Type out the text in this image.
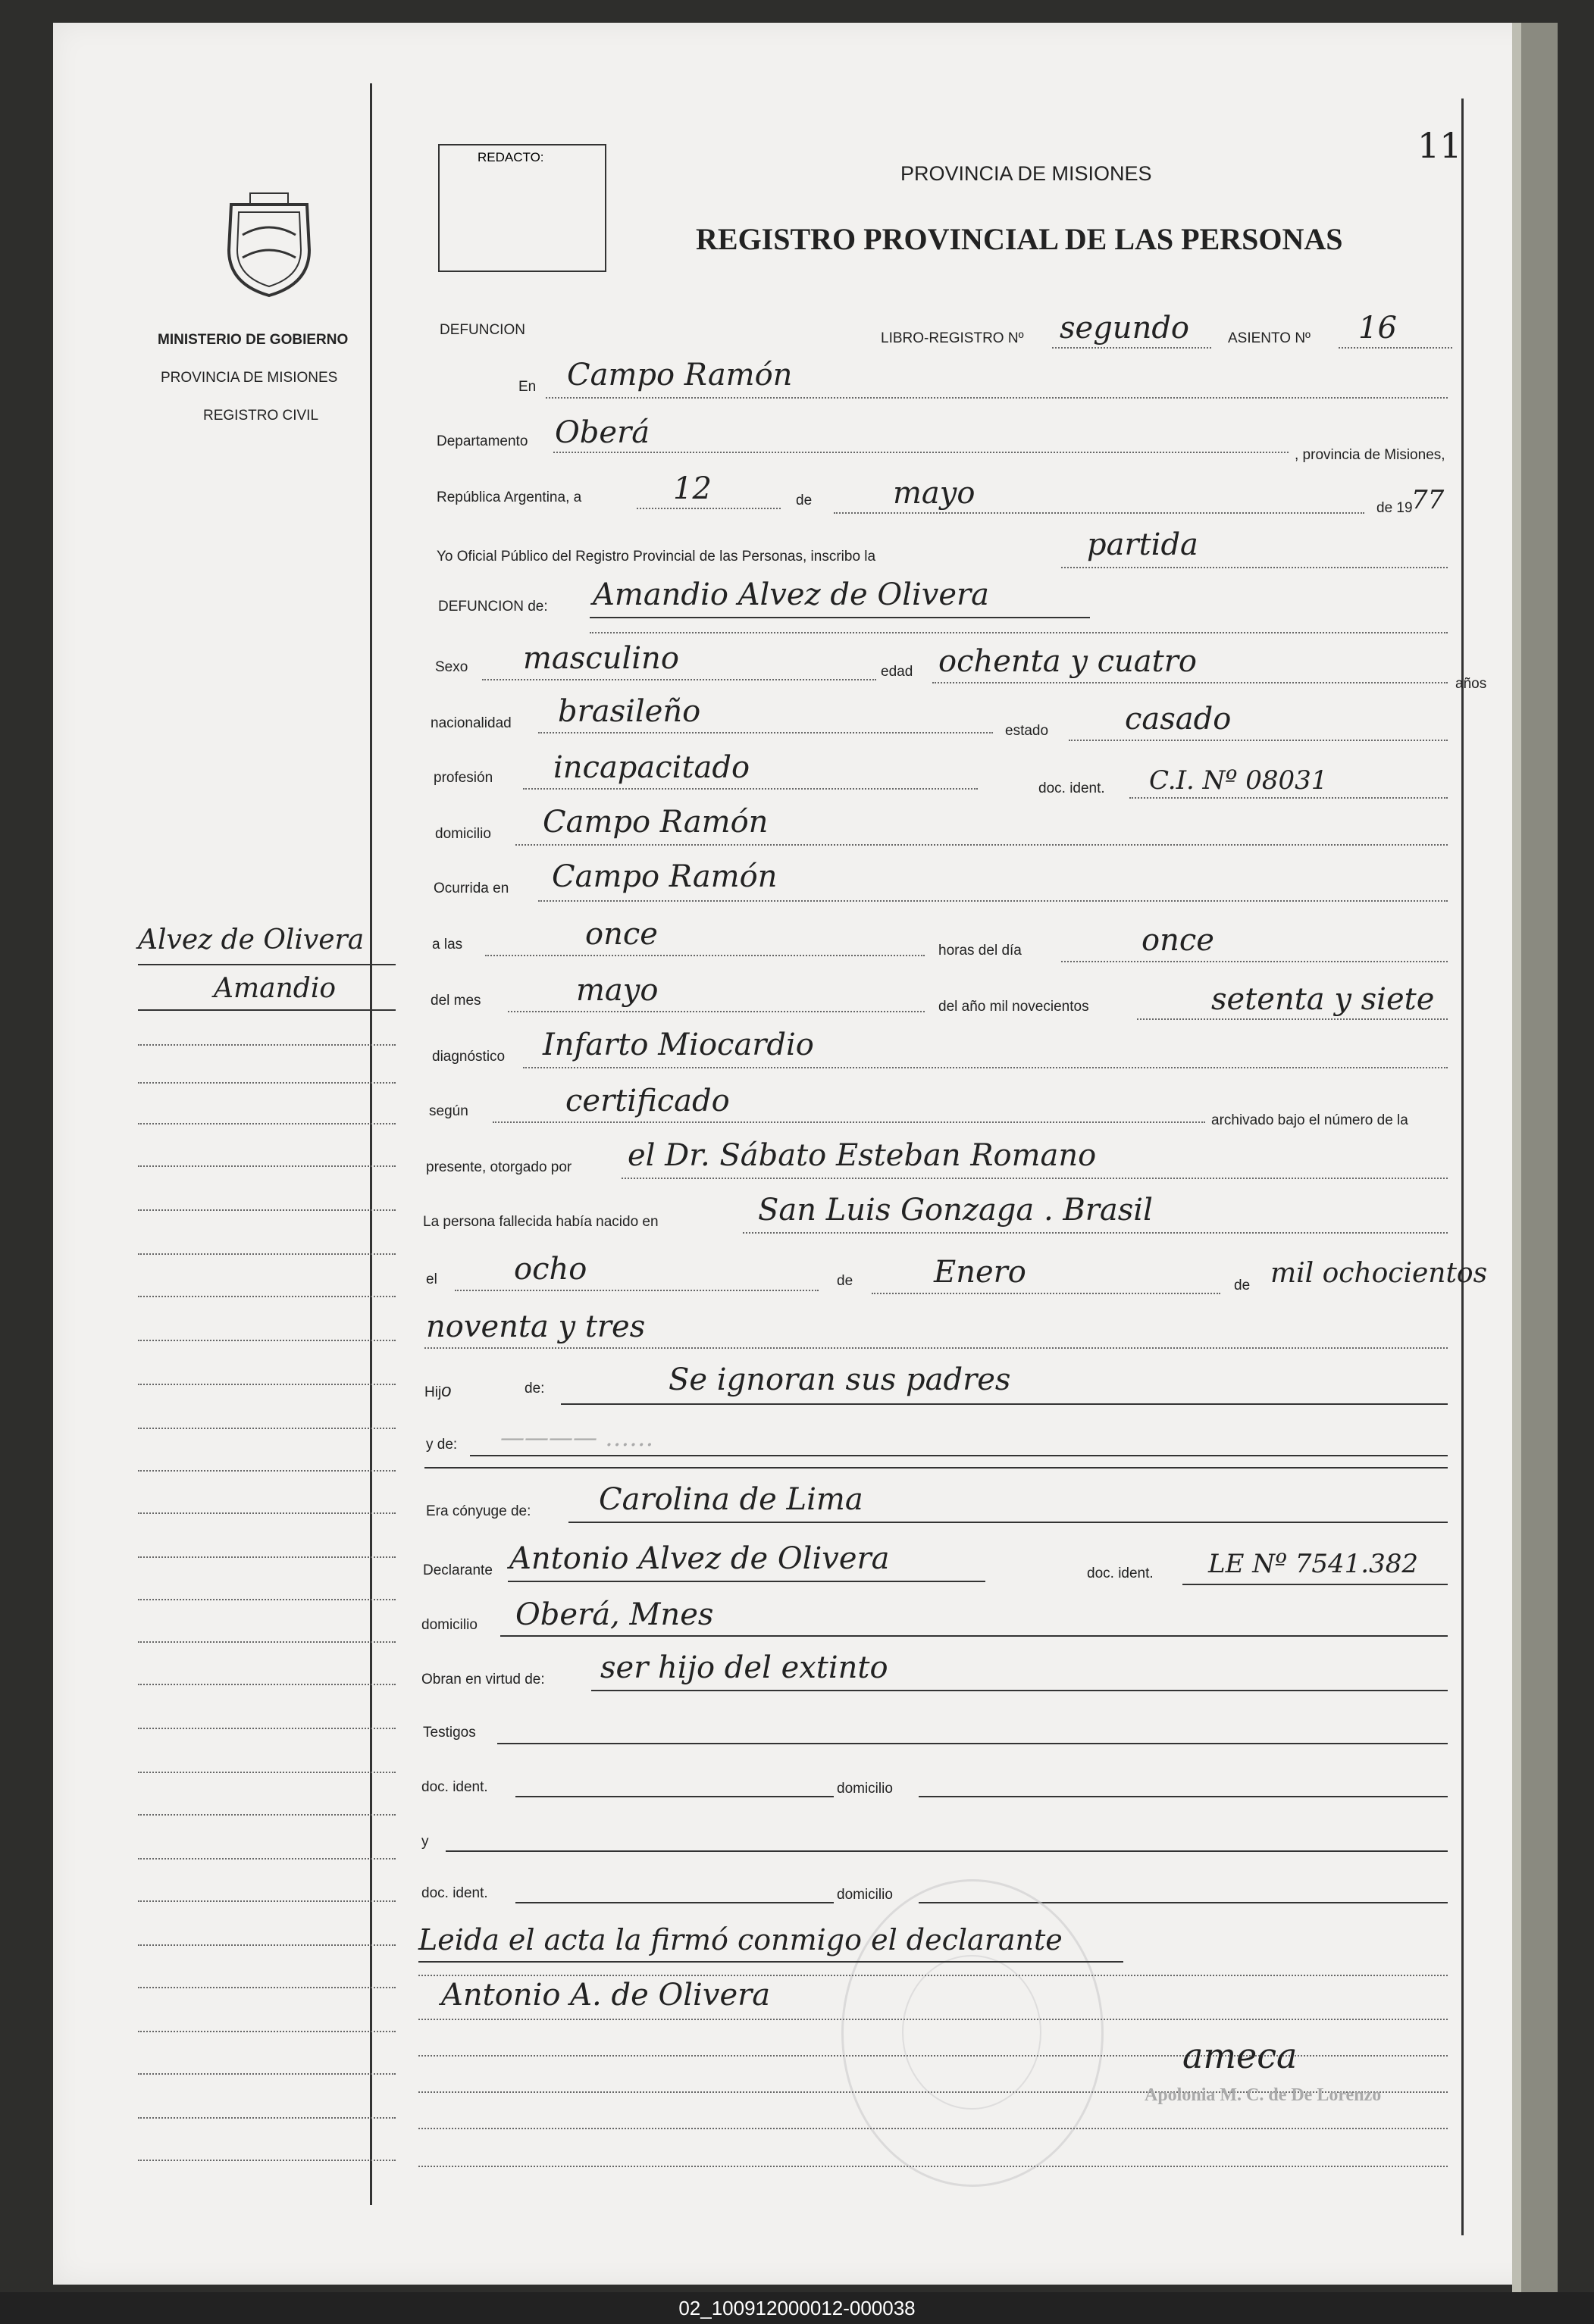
11
MINISTERIO DE GOBIERNO
PROVINCIA DE MISIONES
REGISTRO CIVIL
REDACTO:
PROVINCIA DE MISIONES
REGISTRO PROVINCIAL DE LAS PERSONAS
Alvez de Olivera
Amandio
DEFUNCION
LIBRO-REGISTRO Nº segundo	ASIENTO Nº 16
En Campo Ramón
Departamento Oberá
, provincia de Misiones,
República Argentina, a	12	de	mayo	de 19
77
Yo Oficial Público del Registro Provincial de las Personas, inscribo la	partida
DEFUNCION de: Amandio Alvez de Olivera
Sexo masculino	edad ochenta y cuatro
años
nacionalidad brasileño
estado	casado
profesión incapacitado
doc. ident. C.I. Nº 08031
domicilio Campo Ramón
Ocurrida en Campo Ramón
a las	once	horas del día	once
del mes	mayo	del año mil novecientos	setenta y siete
diagnóstico Infarto Miocardio
según	certificado
archivado bajo el número de la
presente, otorgado por el Dr. Sábato Esteban Romano
La persona fallecida había nacido en	San Luis Gonzaga . Brasil
el	ocho	de	Enero	de mil ochocientos
noventa y tres
Hijo	de:	Se ignoran sus padres
y de: ———— ‥‥‥
Era cónyuge de: Carolina de Lima
Declarante Antonio Alvez de Olivera	doc. ident. LE Nº 7541.382
domicilio Oberá, Mnes
Obran en virtud de: ser hijo del extinto
Testigos
doc. ident.	domicilio
y
doc. ident.	domicilio
Leida el acta la firmó conmigo el declarante
Antonio A. de Olivera
ameca
Apolonia M. C. de De Lorenzo
02_100912000012-000038
